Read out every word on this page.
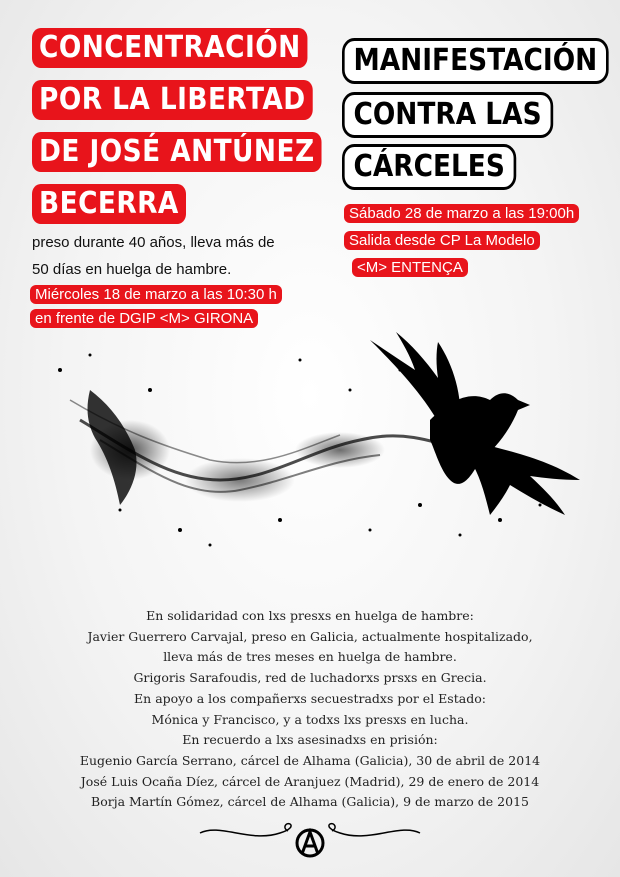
CONCENTRACIÓN
POR LA LIBERTAD
DE JOSÉ ANTÚNEZ
BECERRA
preso durante 40 años, lleva más de
50 días en huelga de hambre.
Miércoles 18 de marzo a las 10:30 h
en frente de DGIP <M> GIRONA
MANIFESTACIÓN
CONTRA LAS
CÁRCELES
Sábado 28 de marzo a las 19:00h
Salida desde CP La Modelo
<M> ENTENÇA
En solidaridad con lxs presxs en huelga de hambre:
Javier Guerrero Carvajal, preso en Galicia, actualmente hospitalizado,
lleva más de tres meses en huelga de hambre.
Grigoris Sarafoudis, red de luchadorxs prsxs en Grecia.
En apoyo a los compañerxs secuestradxs por el Estado:
Mónica y Francisco, y a todxs lxs presxs en lucha.
En recuerdo a lxs asesinadxs en prisión:
Eugenio García Serrano, cárcel de Alhama (Galicia), 30 de abril de 2014
José Luis Ocaña Díez, cárcel de Aranjuez (Madrid), 29 de enero de 2014
Borja Martín Gómez, cárcel de Alhama (Galicia), 9 de marzo de 2015
